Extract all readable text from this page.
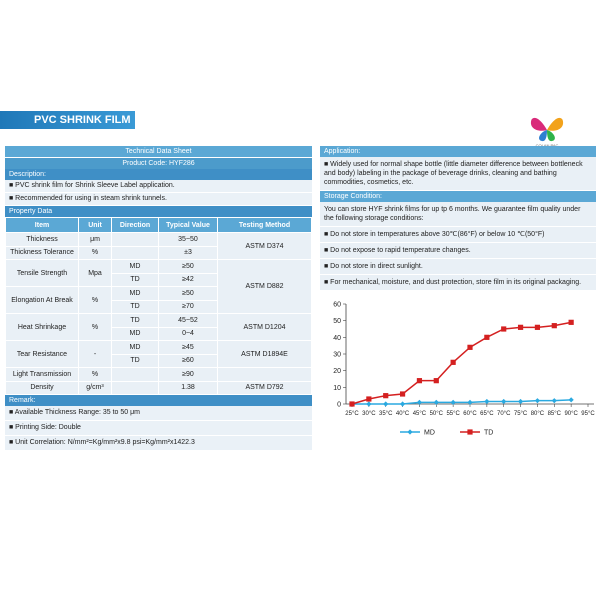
PVC SHRINK FILM
Technical Data Sheet
Product Code: HYF286
Description:
■ PVC shrink film for Shrink Sleeve Label application.
■ Recommended for using in steam shrink tunnels.
Property Data
Item	Unit	Direction	Typical Value	Testing Method
Thickness	μm		35~50	ASTM D374
Thickness Tolerance	%		±3	
Tensile Strength	Mpa	MD	≥50	ASTM D882
		TD	≥42	
Elongation At Break	%	MD	≥50	
		TD	≥70	
Heat Shrinkage	%	TD	45~52	ASTM D1204
		MD	0~4	
Tear Resistance	-	MD	≥45	ASTM D1894E
		TD	≥60	
Light Transmission	%		≥90	
Density	g/cm³		1.38	ASTM D792
Remark:
■ Available Thickness Range: 35 to 50 μm
■ Printing Side: Double
■ Unit Correlation: N/mm²=Kg/mm²x9.8 psi=Kg/mm²x1422.3
Application:
■ Widely used for normal shape bottle (little diameter difference between bottleneck and body) labeling in the package of beverage drinks, cleaning and bathing commodities, cosmetics, etc.
Storage Condition:
You can store HYF shrink films for up tp 6 months. We guarantee film quality under the following storage conditions:
■ Do not store in temperatures above 30℃(86°F) or below 10 ℃(50°F)
■ Do not expose to rapid temperature changes.
■ Do not store in direct sunlight.
■ For mechanical, moisture, and dust protection, store film in its original packaging.
0
10
20
30
40
50
60
25°C 30°C 35°C 40°C 45°C 50°C 55°C 60°C 65°C 70°C 75°C 80°C 85°C 90°C 95°C
MD	TD
